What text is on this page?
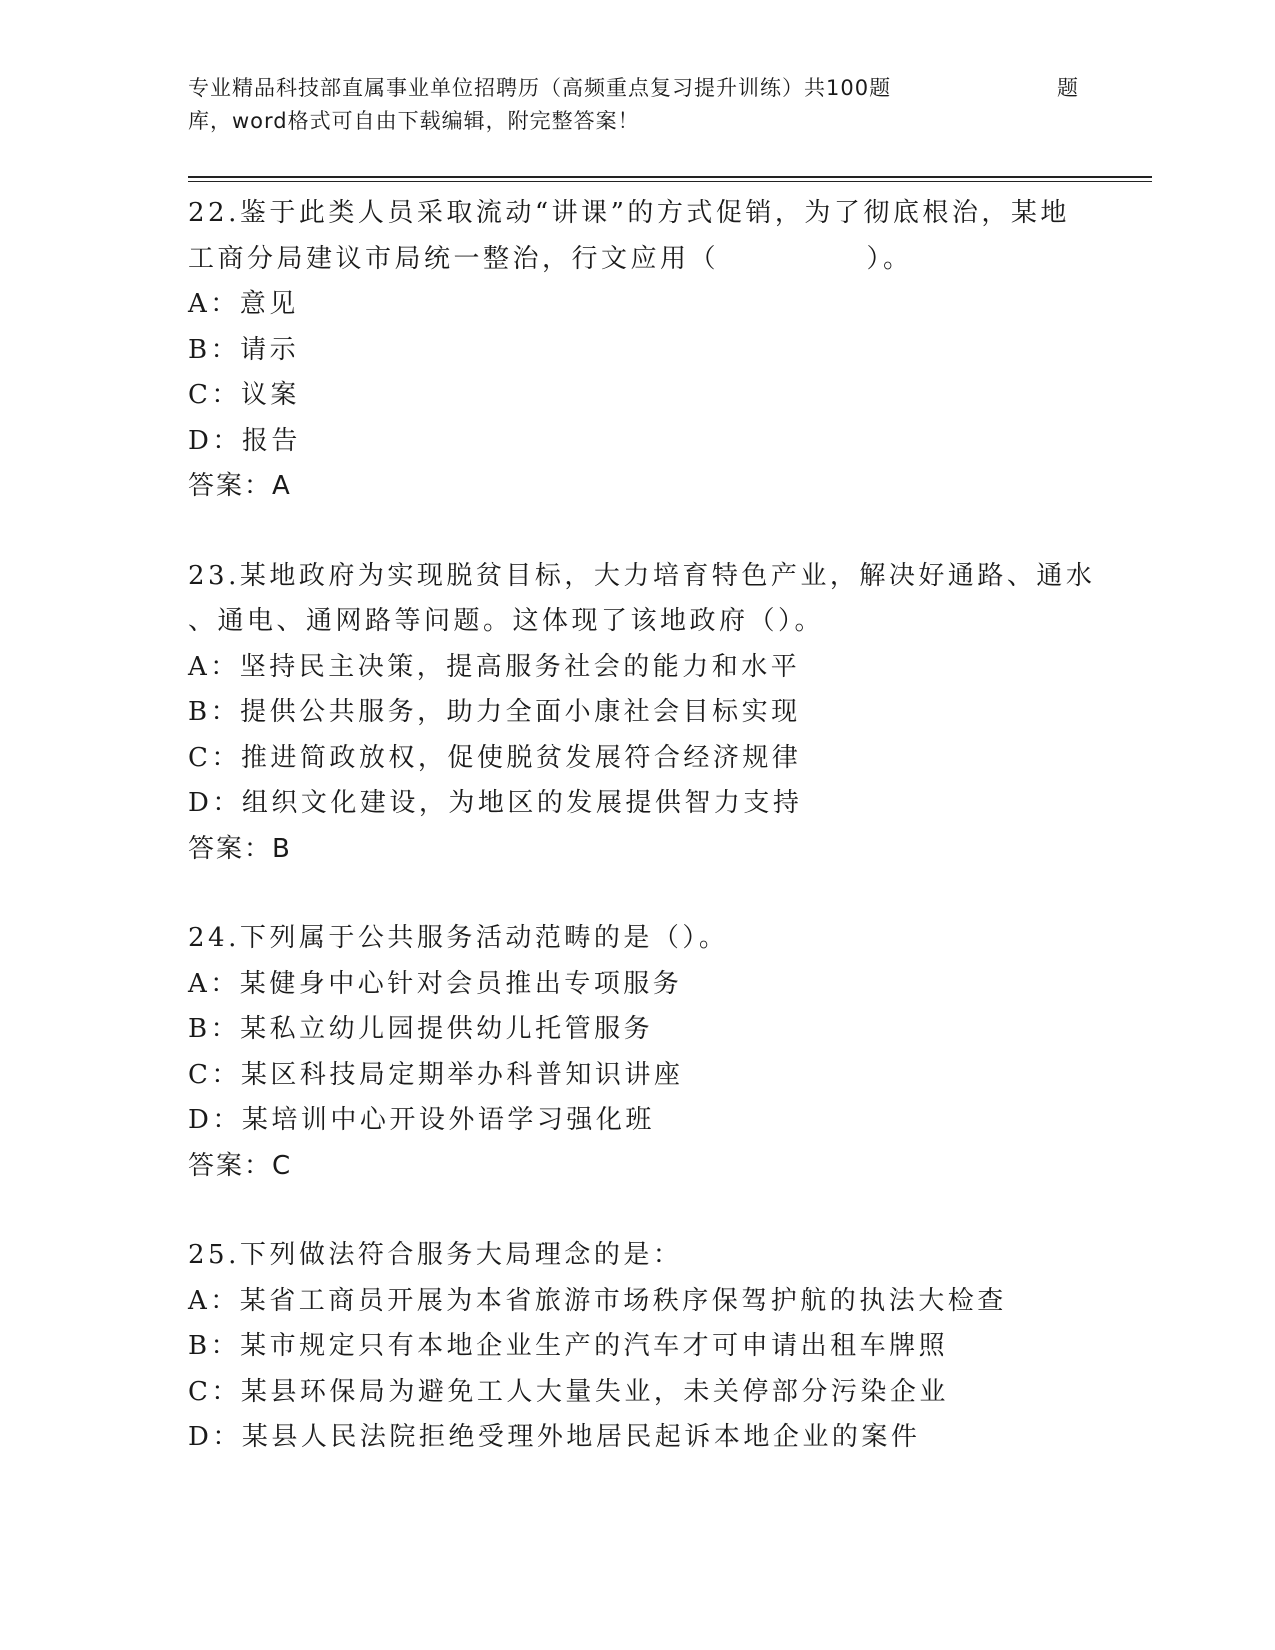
专业精品科技部直属事业单位招聘历（高频重点复习提升训练）共100题	题
库，word格式可自由下载编辑，附完整答案！
22.鉴于此类人员采取流动“讲课”的方式促销，为了彻底根治，某地
工商分局建议市局统一整治，行文应用（　　　　　）。
A：意见
B：请示
C：议案
D：报告
答案：A
23.某地政府为实现脱贫目标，大力培育特色产业，解决好通路、通水
、通电、通网路等问题。这体现了该地政府（）。
A：坚持民主决策，提高服务社会的能力和水平
B：提供公共服务，助力全面小康社会目标实现
C：推进简政放权，促使脱贫发展符合经济规律
D：组织文化建设，为地区的发展提供智力支持
答案：B
24.下列属于公共服务活动范畴的是（）。
A：某健身中心针对会员推出专项服务
B：某私立幼儿园提供幼儿托管服务
C：某区科技局定期举办科普知识讲座
D：某培训中心开设外语学习强化班
答案：C
25.下列做法符合服务大局理念的是：
A：某省工商员开展为本省旅游市场秩序保驾护航的执法大检查
B：某市规定只有本地企业生产的汽车才可申请出租车牌照
C：某县环保局为避免工人大量失业，未关停部分污染企业
D：某县人民法院拒绝受理外地居民起诉本地企业的案件
